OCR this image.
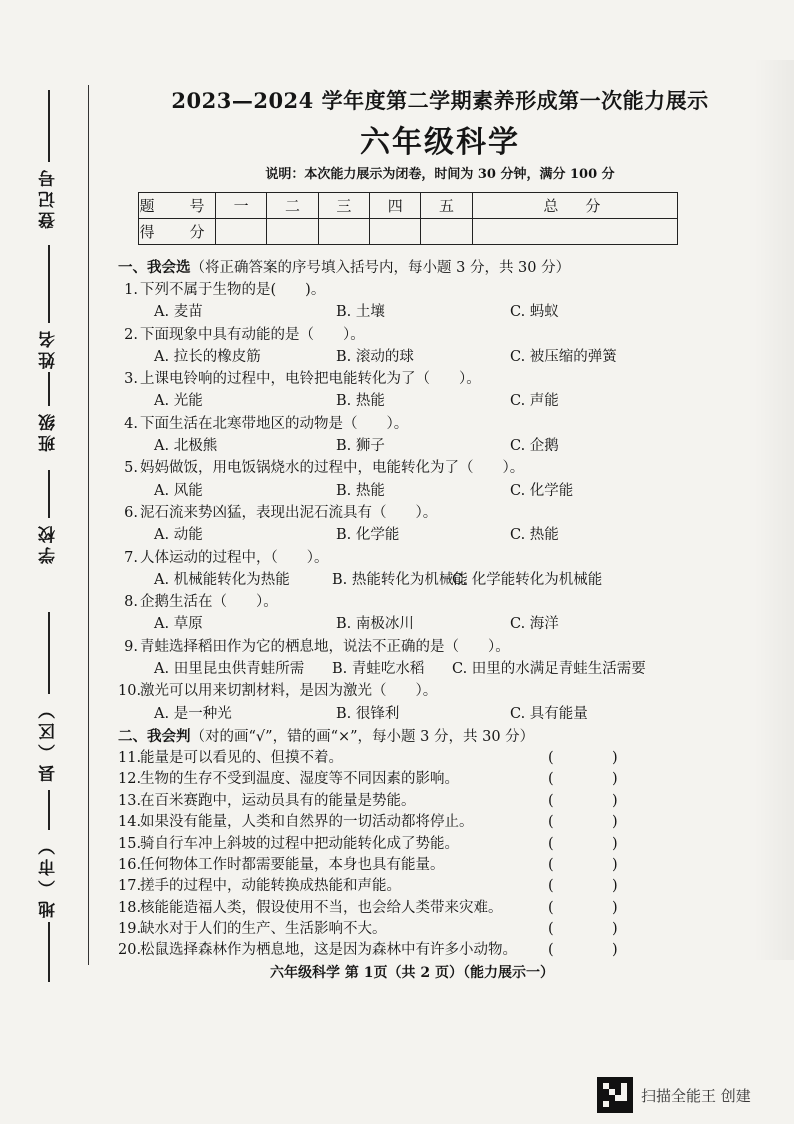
登记号
姓名
班级
学校
县（区）
地（市）
2023—2024 学年度第二学期素养形成第一次能力展示
六年级科学
说明：本次能力展示为闭卷，时间为 30 分钟，满分 100 分
题　号	一	二	三	四	五	总　分
得　分						
一、我会选（将正确答案的序号填入括号内，每小题 3 分，共 30 分）
1. 下列不属于生物的是(　　)。
A. 麦苗	B. 土壤	C. 蚂蚁
2. 下面现象中具有动能的是（　　）。
A. 拉长的橡皮筋	B. 滚动的球	C. 被压缩的弹簧
3. 上课电铃响的过程中，电铃把电能转化为了（　　）。
A. 光能	B. 热能	C. 声能
4. 下面生活在北寒带地区的动物是（　　）。
A. 北极熊	B. 狮子	C. 企鹅
5. 妈妈做饭，用电饭锅烧水的过程中，电能转化为了（　　）。
A. 风能	B. 热能	C. 化学能
6. 泥石流来势凶猛，表现出泥石流具有（　　）。
A. 动能	B. 化学能	C. 热能
7. 人体运动的过程中，（　　）。
A. 机械能转化为热能	B. 热能转化为机械能
C. 化学能转化为机械能
8. 企鹅生活在（　　）。
A. 草原	B. 南极冰川	C. 海洋
9. 青蛙选择稻田作为它的栖息地，说法不正确的是（　　）。
A. 田里昆虫供青蛙所需 B. 青蛙吃水稻 C. 田里的水满足青蛙生活需要
10.激光可以用来切割材料，是因为激光（　　）。
A. 是一种光	B. 很锋利	C. 具有能量
二、我会判（对的画“√”，错的画“×”，每小题 3 分，共 30 分）
11.能量是可以看见的、但摸不着。	(	)
12.生物的生存不受到温度、湿度等不同因素的影响。	(	)
13.在百米赛跑中，运动员具有的能量是势能。	(	)
14.如果没有能量，人类和自然界的一切活动都将停止。	(	)
15.骑自行车冲上斜坡的过程中把动能转化成了势能。	(	)
16.任何物体工作时都需要能量，本身也具有能量。	(	)
17.搓手的过程中，动能转换成热能和声能。	(	)
18.核能能造福人类，假设使用不当，也会给人类带来灾难。	(	)
19.缺水对于人们的生产、生活影响不大。	(	)
20.松鼠选择森林作为栖息地，这是因为森林中有许多小动物。 (	)
六年级科学 第 1页（共 2 页）（能力展示一）
扫描全能王 创建
